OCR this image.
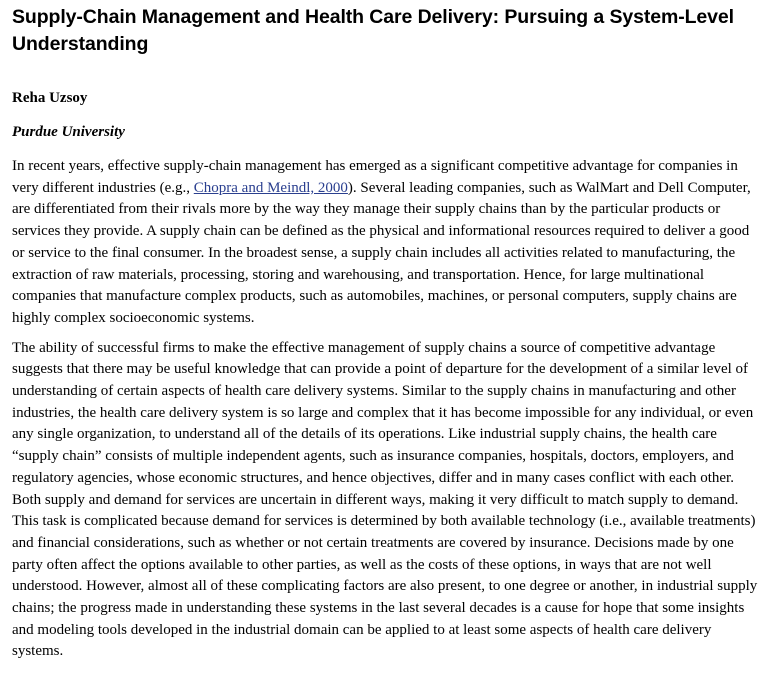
Supply-Chain Management and Health Care Delivery: Pursuing a System-Level Understanding
Reha Uzsoy
Purdue University

In recent years, effective supply-chain management has emerged as a significant competitive advantage for companies in very different industries (e.g., Chopra and Meindl, 2000). Several leading companies, such as WalMart and Dell Computer, are differentiated from their rivals more by the way they manage their supply chains than by the particular products or services they provide. A supply chain can be defined as the physical and informational resources required to deliver a good or service to the final consumer. In the broadest sense, a supply chain includes all activities related to manufacturing, the extraction of raw materials, processing, storing and warehousing, and transportation. Hence, for large multinational companies that manufacture complex products, such as automobiles, machines, or personal computers, supply chains are highly complex socioeconomic systems.

The ability of successful firms to make the effective management of supply chains a source of competitive advantage suggests that there may be useful knowledge that can provide a point of departure for the development of a similar level of understanding of certain aspects of health care delivery systems. Similar to the supply chains in manufacturing and other industries, the health care delivery system is so large and complex that it has become impossible for any individual, or even any single organization, to understand all of the details of its operations. Like industrial supply chains, the health care “supply chain” consists of multiple independent agents, such as insurance companies, hospitals, doctors, employers, and regulatory agencies, whose economic structures, and hence objectives, differ and in many cases conflict with each other. Both supply and demand for services are uncertain in different ways, making it very difficult to match supply to demand. This task is complicated because demand for services is determined by both available technology (i.e., available treatments) and financial considerations, such as whether or not certain treatments are covered by insurance. Decisions made by one party often affect the options available to other parties, as well as the costs of these options, in ways that are not well understood. However, almost all of these complicating factors are also present, to one degree or another, in industrial supply chains; the progress made in understanding these systems in the last several decades is a cause for hope that some insights and modeling tools developed in the industrial domain can be applied to at least some aspects of health care delivery systems.
